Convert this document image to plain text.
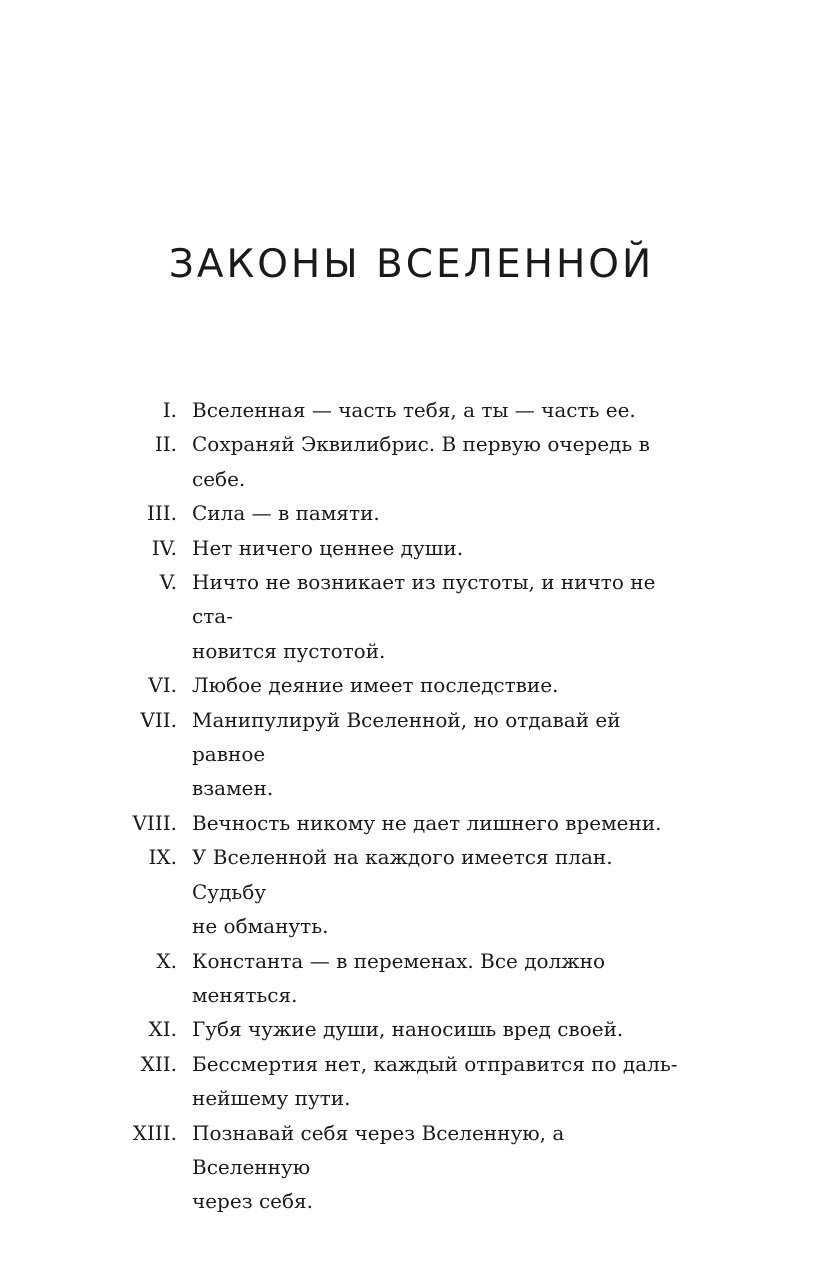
ЗАКОНЫ ВСЕЛЕННОЙ
I. Вселенная — часть тебя, а ты — часть ее.
II. Сохраняй Эквилибрис. В первую очередь в себе.
III. Сила — в памяти.
IV. Нет ничего ценнее души.
V. Ничто не возникает из пустоты, и ничто не ста-
новится пустотой.
VI. Любое деяние имеет последствие.
VII. Манипулируй Вселенной, но отдавай ей равное
взамен.
VIII. Вечность никому не дает лишнего времени.
IX. У Вселенной на каждого имеется план. Судьбу
не обмануть.
X. Константа — в переменах. Все должно меняться.
XI. Губя чужие души, наносишь вред своей.
XII. Бессмертия нет, каждый отправится по даль-
нейшему пути.
XIII. Познавай себя через Вселенную, а Вселенную
через себя.
